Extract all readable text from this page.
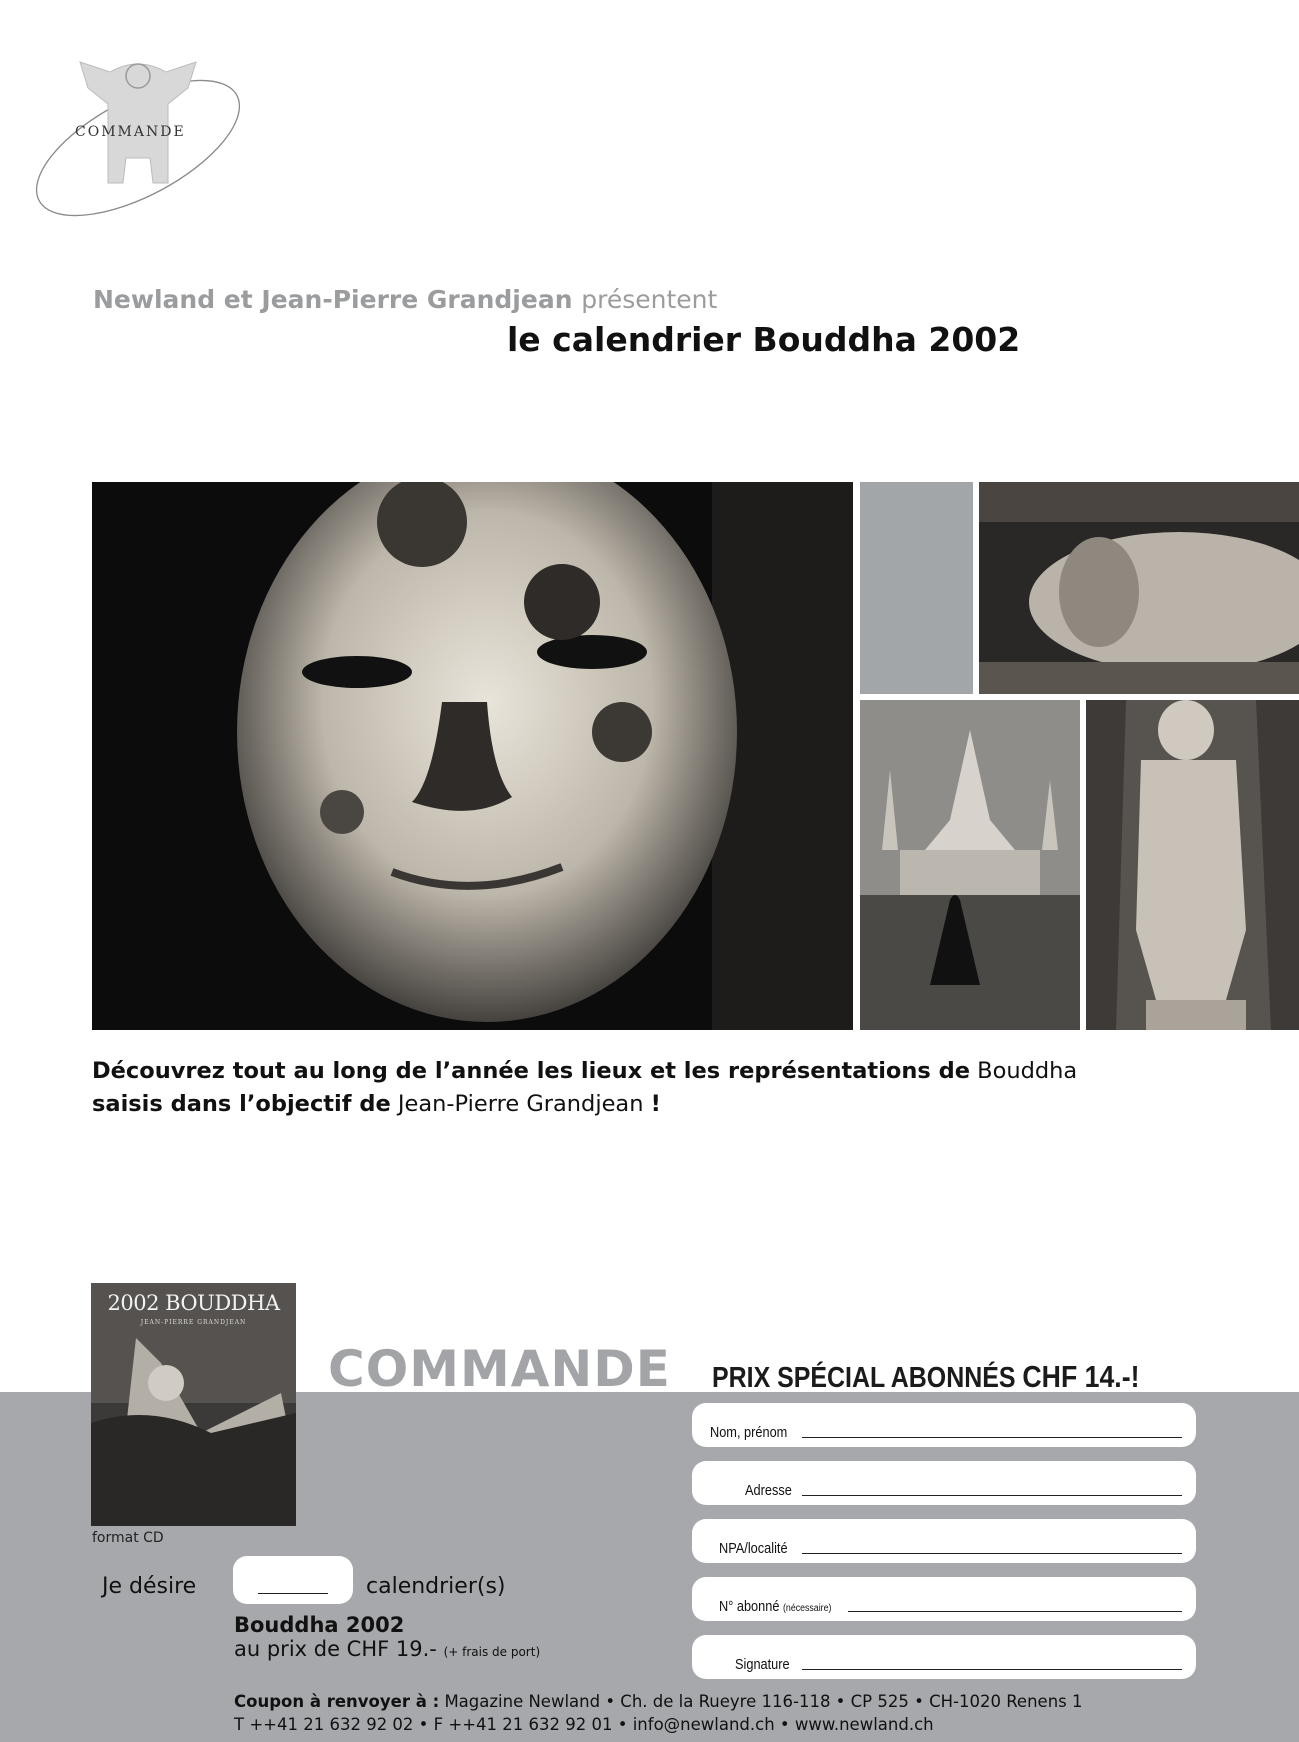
COMMANDE
Newland et Jean-Pierre Grandjean présentent
le calendrier Bouddha 2002
Découvrez tout au long de l’année les lieux et les représentations de Bouddha
saisis dans l’objectif de Jean-Pierre Grandjean !
2002 BOUDDHA
JEAN-PIERRE GRANDJEAN
format CD
COMMANDE PRIX SPÉCIAL ABONNÉS CHF 14.-!
Nom, prénom
Adresse
NPA/localité
N° abonné (nécessaire)
Signature
Je désire	calendrier(s)
Bouddha 2002
au prix de CHF 19.- (+ frais de port)
Coupon à renvoyer à : Magazine Newland • Ch. de la Rueyre 116-118 • CP 525 • CH-1020 Renens 1
T ++41 21 632 92 02 • F ++41 21 632 92 01 • info@newland.ch • www.newland.ch
